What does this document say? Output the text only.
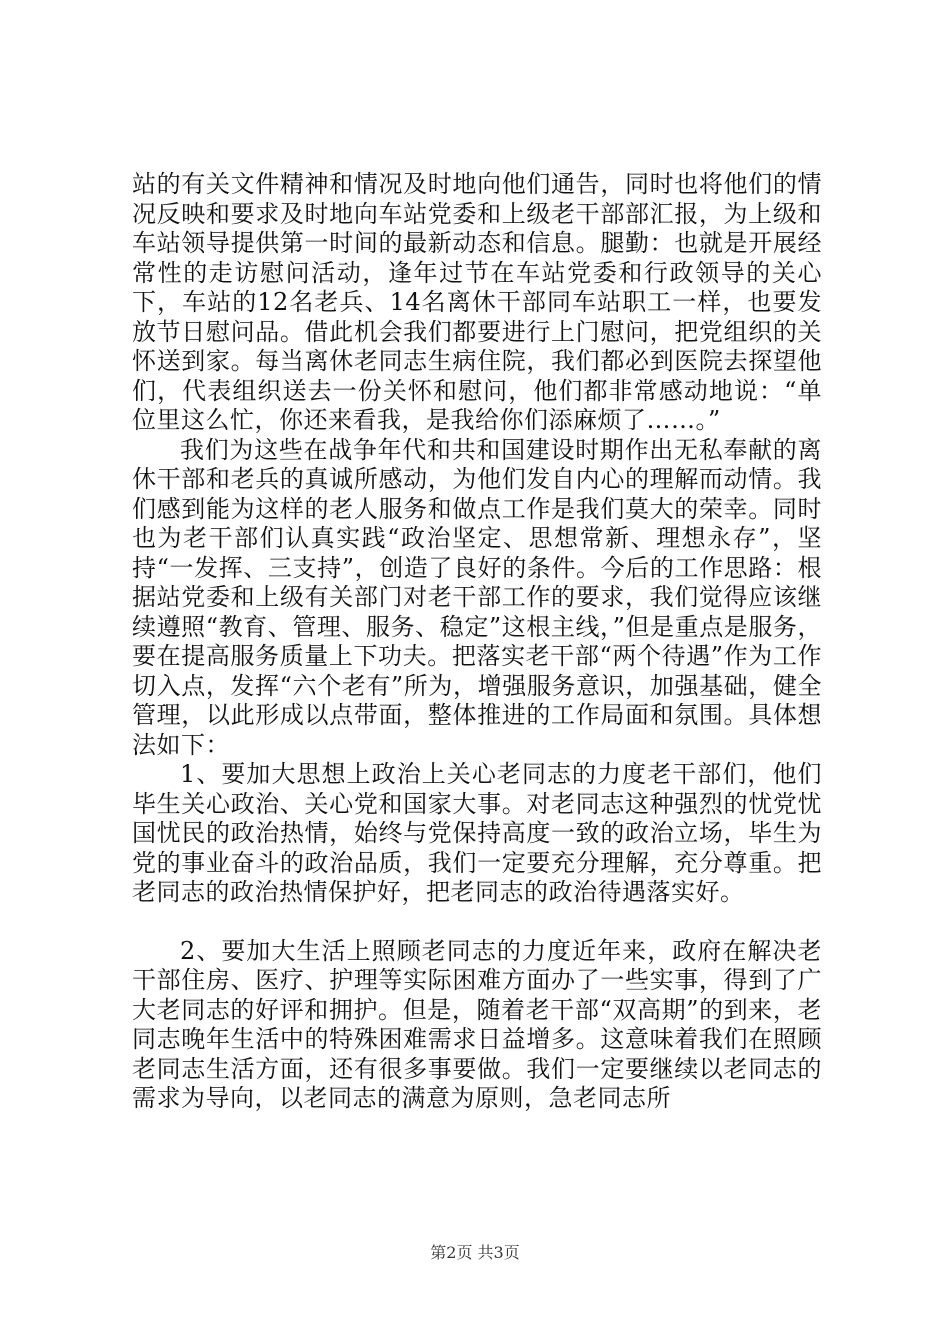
站的有关文件精神和情况及时地向他们通告，同时也将他们的情况反映和要求及时地向车站党委和上级老干部部汇报，为上级和车站领导提供第一时间的最新动态和信息。腿勤：也就是开展经常性的走访慰问活动，逢年过节在车站党委和行政领导的关心下，车站的12名老兵、14名离休干部同车站职工一样，也要发放节日慰问品。借此机会我们都要进行上门慰问，把党组织的关怀送到家。每当离休老同志生病住院，我们都必到医院去探望他们，代表组织送去一份关怀和慰问，他们都非常感动地说：“单位里这么忙，你还来看我，是我给你们添麻烦了……。”

我们为这些在战争年代和共和国建设时期作出无私奉献的离休干部和老兵的真诚所感动，为他们发自内心的理解而动情。我们感到能为这样的老人服务和做点工作是我们莫大的荣幸。同时也为老干部们认真实践“政治坚定、思想常新、理想永存”，坚持“一发挥、三支持”，创造了良好的条件。今后的工作思路：根据站党委和上级有关部门对老干部工作的要求，我们觉得应该继续遵照“教育、管理、服务、稳定”这根主线，”但是重点是服务，要在提高服务质量上下功夫。把落实老干部“两个待遇”作为工作切入点，发挥“六个老有”所为，增强服务意识，加强基础，健全管理，以此形成以点带面，整体推进的工作局面和氛围。具体想法如下：

1、要加大思想上政治上关心老同志的力度老干部们，他们毕生关心政治、关心党和国家大事。对老同志这种强烈的忧党忧国忧民的政治热情，始终与党保持高度一致的政治立场，毕生为党的事业奋斗的政治品质，我们一定要充分理解，充分尊重。把老同志的政治热情保护好，把老同志的政治待遇落实好。

2、要加大生活上照顾老同志的力度近年来，政府在解决老干部住房、医疗、护理等实际困难方面办了一些实事，得到了广大老同志的好评和拥护。但是，随着老干部“双高期”的到来，老同志晚年生活中的特殊困难需求日益增多。这意味着我们在照顾老同志生活方面，还有很多事要做。我们一定要继续以老同志的需求为导向，以老同志的满意为原则，急老同志所

第2页 共3页
